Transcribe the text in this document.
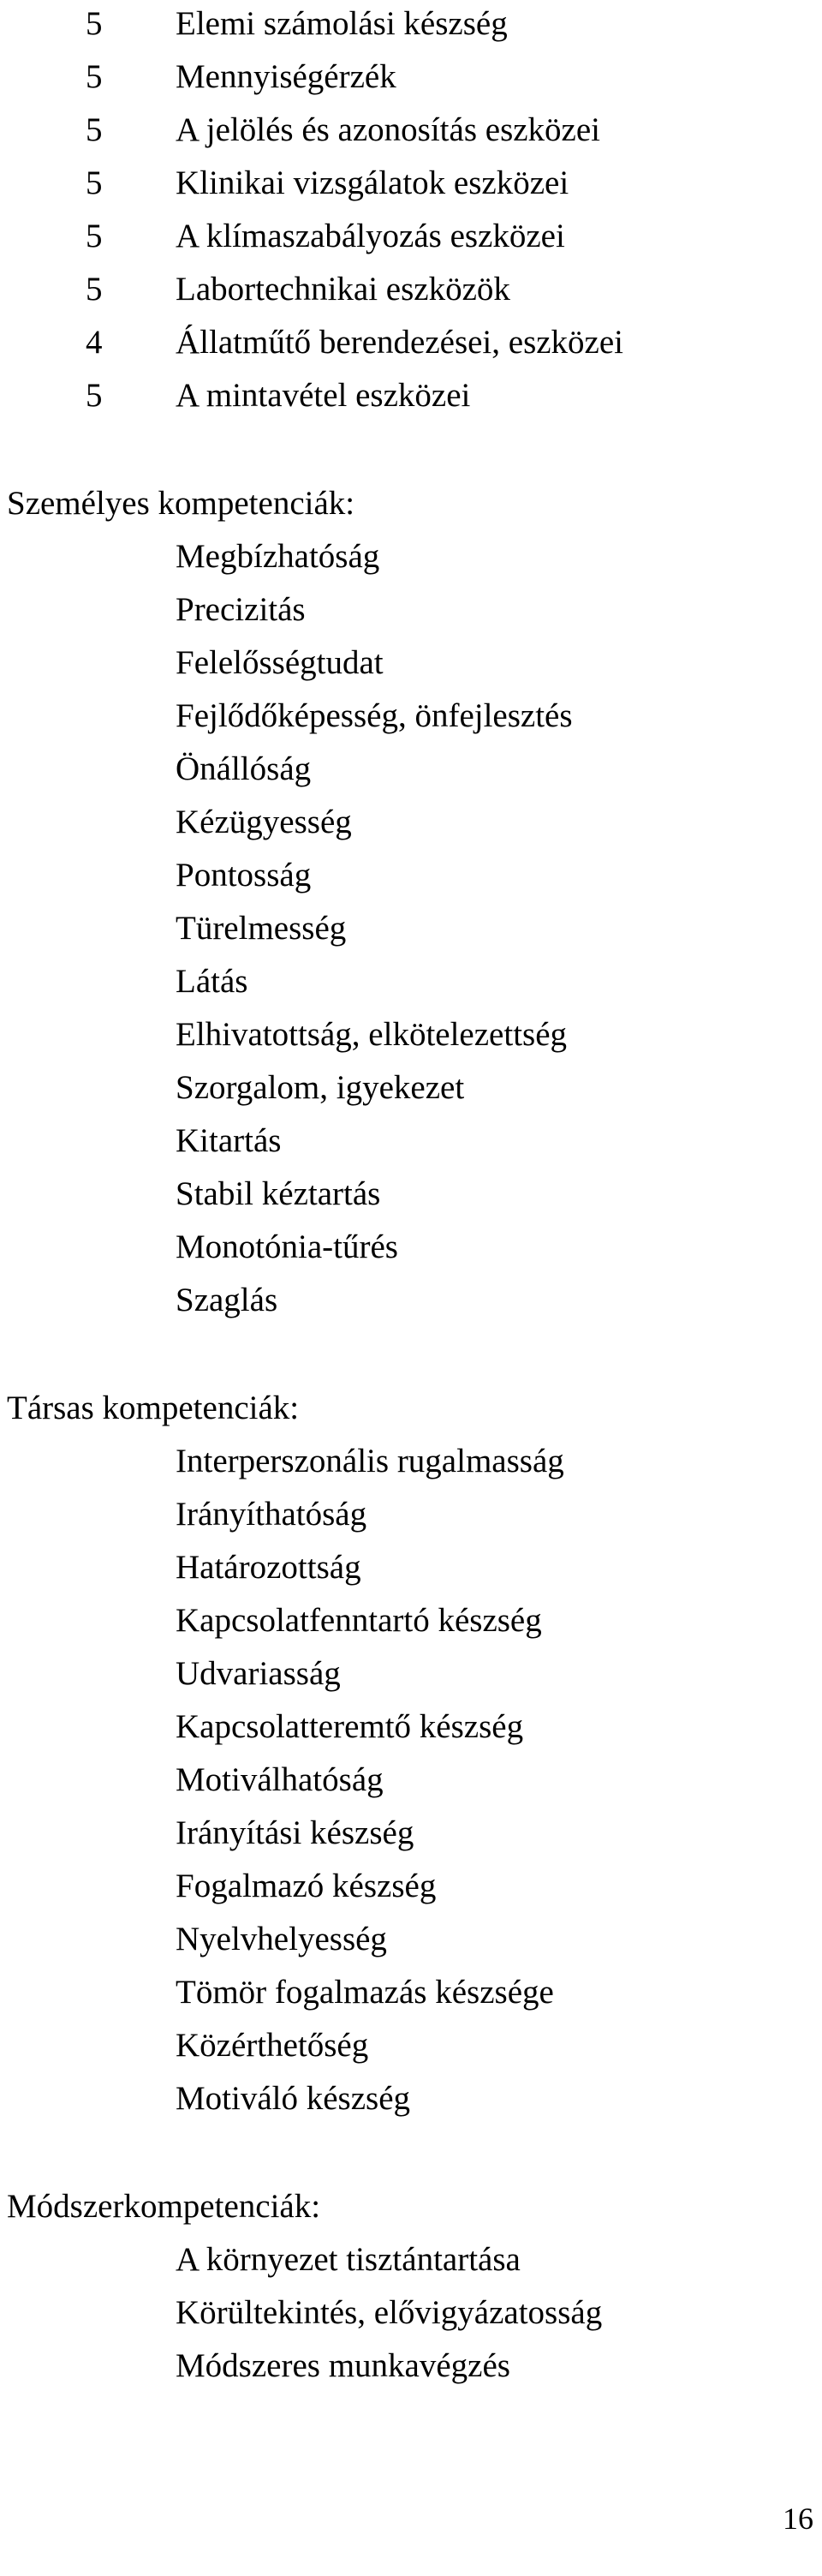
5	Elemi számolási készség
5	Mennyiségérzék
5	A jelölés és azonosítás eszközei
5	Klinikai vizsgálatok eszközei
5	A klímaszabályozás eszközei
5	Labortechnikai eszközök
4	Állatműtő berendezései, eszközei
5	A mintavétel eszközei
Személyes kompetenciák:
Megbízhatóság
Precizitás
Felelősségtudat
Fejlődőképesség, önfejlesztés
Önállóság
Kézügyesség
Pontosság
Türelmesség
Látás
Elhivatottság, elkötelezettség
Szorgalom, igyekezet
Kitartás
Stabil kéztartás
Monotónia-tűrés
Szaglás
Társas kompetenciák:
Interperszonális rugalmasság
Irányíthatóság
Határozottság
Kapcsolatfenntartó készség
Udvariasság
Kapcsolatteremtő készség
Motiválhatóság
Irányítási készség
Fogalmazó készség
Nyelvhelyesség
Tömör fogalmazás készsége
Közérthetőség
Motiváló készség
Módszerkompetenciák:
A környezet tisztántartása
Körültekintés, elővigyázatosság
Módszeres munkavégzés
16
